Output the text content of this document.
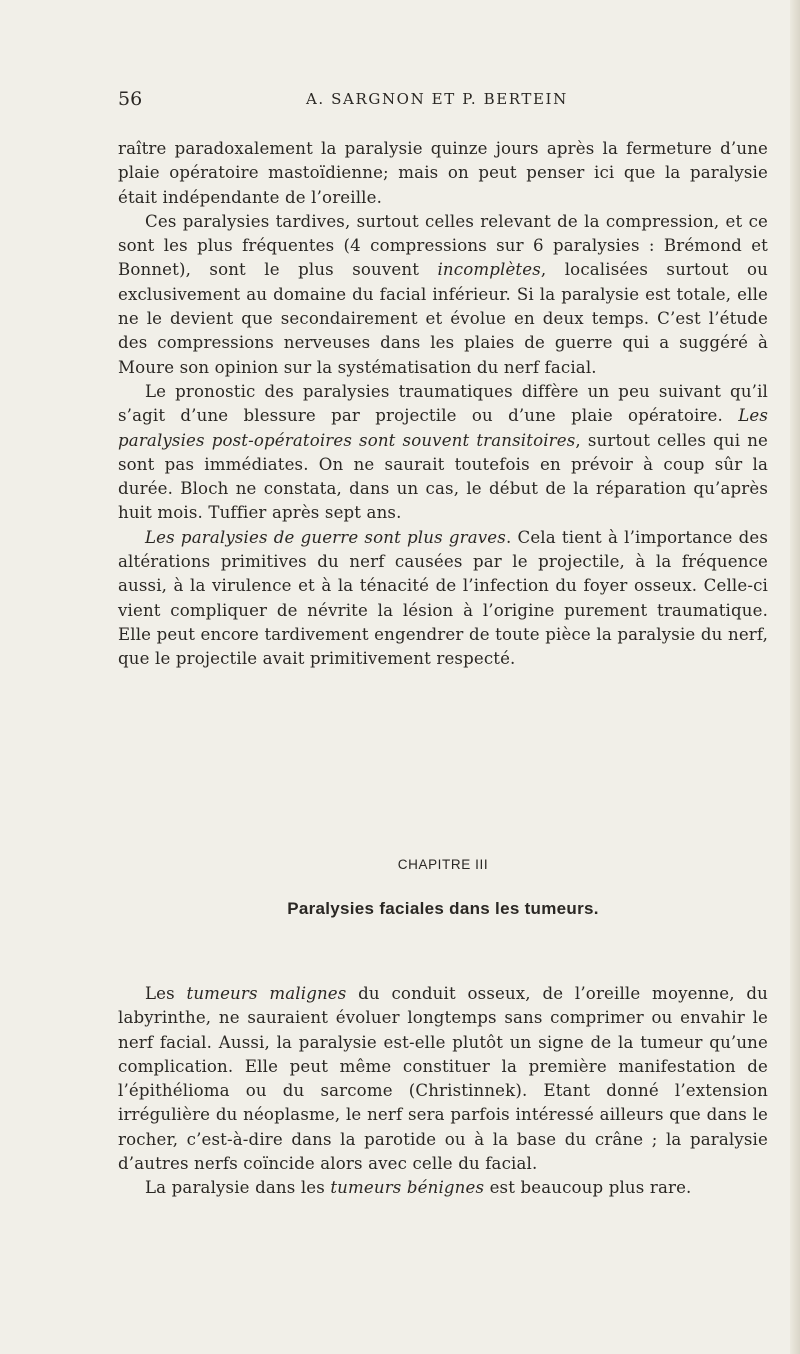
56	A. SARGNON ET P. BERTEIN

raître paradoxalement la paralysie quinze jours après la fermeture d’une plaie opératoire mastoïdienne; mais on peut penser ici que la paralysie était indépendante de l’oreille.

Ces paralysies tardives, surtout celles relevant de la compression, et ce sont les plus fréquentes (4 compressions sur 6 paralysies : Brémond et Bonnet), sont le plus souvent incomplètes, localisées surtout ou exclusivement au domaine du facial inférieur. Si la paralysie est totale, elle ne le devient que secondairement et évolue en deux temps. C’est l’étude des compressions nerveuses dans les plaies de guerre qui a suggéré à Moure son opinion sur la systématisation du nerf facial.

Le pronostic des paralysies traumatiques diffère un peu suivant qu’il s’agit d’une blessure par projectile ou d’une plaie opératoire. Les paralysies post-opératoires sont souvent transitoires, surtout celles qui ne sont pas immédiates. On ne saurait toutefois en prévoir à coup sûr la durée. Bloch ne constata, dans un cas, le début de la réparation qu’après huit mois. Tuffier après sept ans.

Les paralysies de guerre sont plus graves. Cela tient à l’importance des altérations primitives du nerf causées par le projectile, à la fréquence aussi, à la virulence et à la ténacité de l’infection du foyer osseux. Celle-ci vient compliquer de névrite la lésion à l’origine purement traumatique. Elle peut encore tardivement engendrer de toute pièce la paralysie du nerf, que le projectile avait primitivement respecté.

CHAPITRE III
Paralysies faciales dans les tumeurs.

Les tumeurs malignes du conduit osseux, de l’oreille moyenne, du labyrinthe, ne sauraient évoluer longtemps sans comprimer ou envahir le nerf facial. Aussi, la paralysie est-elle plutôt un signe de la tumeur qu’une complication. Elle peut même constituer la première manifestation de l’épithélioma ou du sarcome (Christinnek). Etant donné l’extension irrégulière du néoplasme, le nerf sera parfois intéressé ailleurs que dans le rocher, c’est-à-dire dans la parotide ou à la base du crâne ; la paralysie d’autres nerfs coïncide alors avec celle du facial.

La paralysie dans les tumeurs bénignes est beaucoup plus rare.
